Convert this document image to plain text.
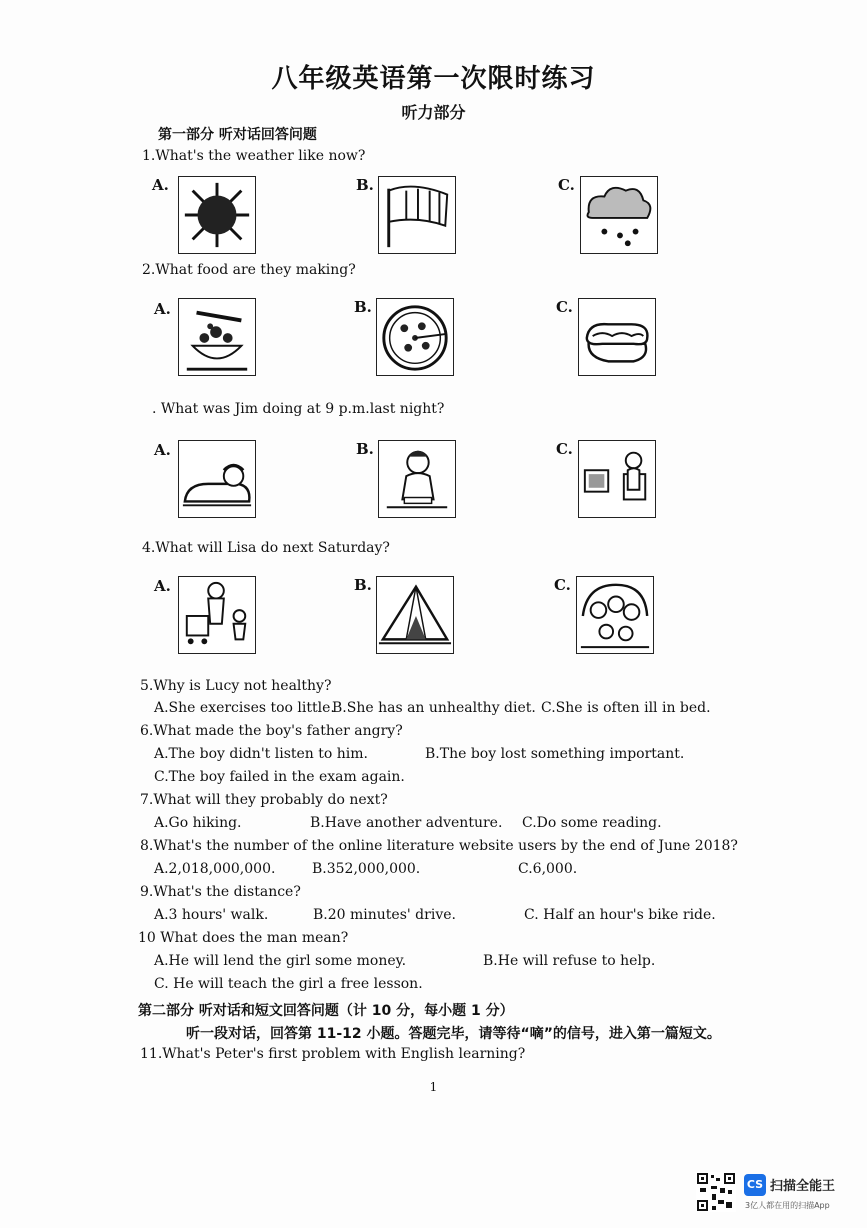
八年级英语第一次限时练习
听力部分
第一部分 听对话回答问题
1.What's the weather like now?
A.	B.	C.
2.What food are they making?
A.	B.	C.
. What was Jim doing at 9 p.m.last night?
A.	B.	C.
4.What will Lisa do next Saturday?
A.	B.	C.
5.Why is Lucy not healthy?
A.She exercises too little.
B.She has an unhealthy diet. C.She is often ill in bed.
6.What made the boy's father angry?
A.The boy didn't listen to him.	B.The boy lost something important.
C.The boy failed in the exam again.
7.What will they probably do next?
A.Go hiking.	B.Have another adventure. C.Do some reading.
8.What's the number of the online literature website users by the end of June 2018?
A.2,018,000,000.	B.352,000,000.	C.6,000.
9.What's the distance?
A.3 hours' walk.	B.20 minutes' drive.	C. Half an hour's bike ride.
10 What does the man mean?
A.He will lend the girl some money.	B.He will refuse to help.
C. He will teach the girl a free lesson.
第二部分 听对话和短文回答问题（计 10 分，每小题 1 分）
听一段对话，回答第 11-12 小题。答题完毕，请等待“嘀”的信号，进入第一篇短文。
11.What's Peter's first problem with English learning?
1
CS 扫描全能王
3亿人都在用的扫描App
